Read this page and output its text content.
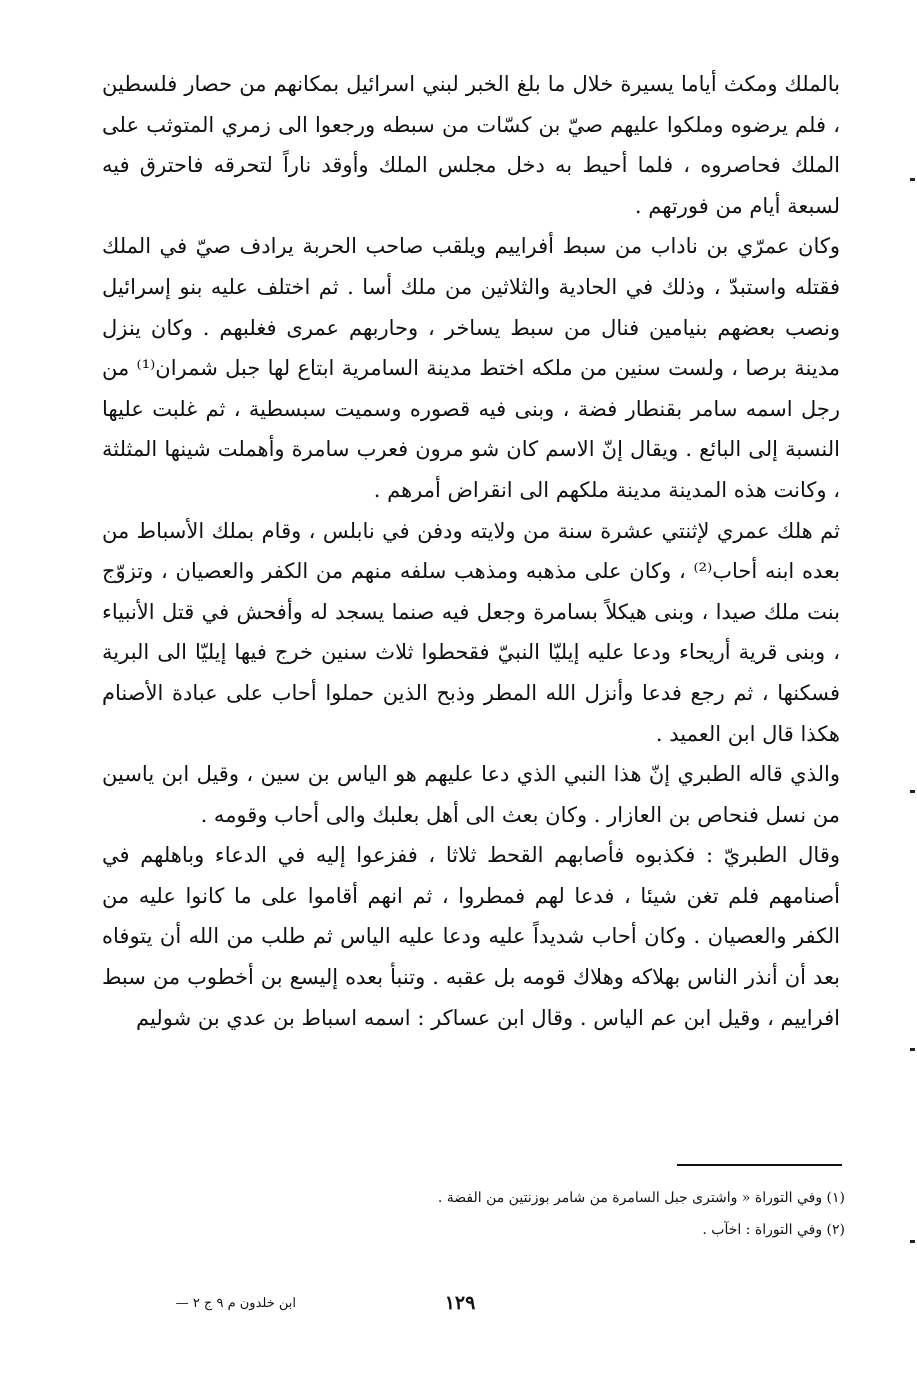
بالملك ومكث أياما يسيرة خلال ما بلغ الخبر لبني اسرائيل بمكانهم من حصار فلسطين ، فلم يرضوه وملكوا عليهم صيّ بن كسّات من سبطه ورجعوا الى زمري المتوثب على الملك فحاصروه ، فلما أحيط به دخل مجلس الملك وأوقد ناراً لتحرقه فاحترق فيه لسبعة أيام من فورتهم .

وكان عمرّي بن ناداب من سبط أفراييم ويلقب صاحب الحربة يرادف صيّ في الملك فقتله واستبدّ ، وذلك في الحادية والثلاثين من ملك أسا . ثم اختلف عليه بنو إسرائيل ونصب بعضهم بنيامين فنال من سبط يساخر ، وحاربهم عمرى فغلبهم . وكان ينزل مدينة برصا ، ولست سنين من ملكه اختط مدينة السامرية ابتاع لها جبل شمران⁽¹⁾ من رجل اسمه سامر بقنطار فضة ، وبنى فيه قصوره وسميت سبسطية ، ثم غلبت عليها النسبة إلى البائع . ويقال إنّ الاسم كان شو مرون فعرب سامرة وأهملت شينها المثلثة ، وكانت هذه المدينة مدينة ملكهم الى انقراض أمرهم .

ثم هلك عمري لإثنتي عشرة سنة من ولايته ودفن في نابلس ، وقام بملك الأسباط من بعده ابنه أحاب⁽²⁾ ، وكان على مذهبه ومذهب سلفه منهم من الكفر والعصيان ، وتزوّج بنت ملك صيدا ، وبنى هيكلاً بسامرة وجعل فيه صنما يسجد له وأفحش في قتل الأنبياء ، وبنى قرية أريحاء ودعا عليه إيليّا النبيّ فقحطوا ثلاث سنين خرج فيها إيليّا الى البرية فسكنها ، ثم رجع فدعا وأنزل الله المطر وذبح الذين حملوا أحاب على عبادة الأصنام هكذا قال ابن العميد .

والذي قاله الطبري إنّ هذا النبي الذي دعا عليهم هو الياس بن سين ، وقيل ابن ياسين من نسل فنحاص بن العازار . وكان بعث الى أهل بعلبك والى أحاب وقومه .

وقال الطبريّ : فكذبوه فأصابهم القحط ثلاثا ، ففزعوا إليه في الدعاء وباهلهم في أصنامهم فلم تغن شيئا ، فدعا لهم فمطروا ، ثم انهم أقاموا على ما كانوا عليه من الكفر والعصيان . وكان أحاب شديداً عليه ودعا عليه الياس ثم طلب من الله أن يتوفاه بعد أن أنذر الناس بهلاكه وهلاك قومه بل عقبه . وتنبأ بعده إليسع بن أخطوب من سبط افراييم ، وقيل ابن عم الياس . وقال ابن عساكر : اسمه اسباط بن عدي بن شوليم

(١) وفي التوراة « واشترى جبل السامرة من شامر بوزنتين من الفضة .

(٢) وفي التوراة : اخآب .

١٢٩
ابن خلدون م ٩ ج ٢ —
